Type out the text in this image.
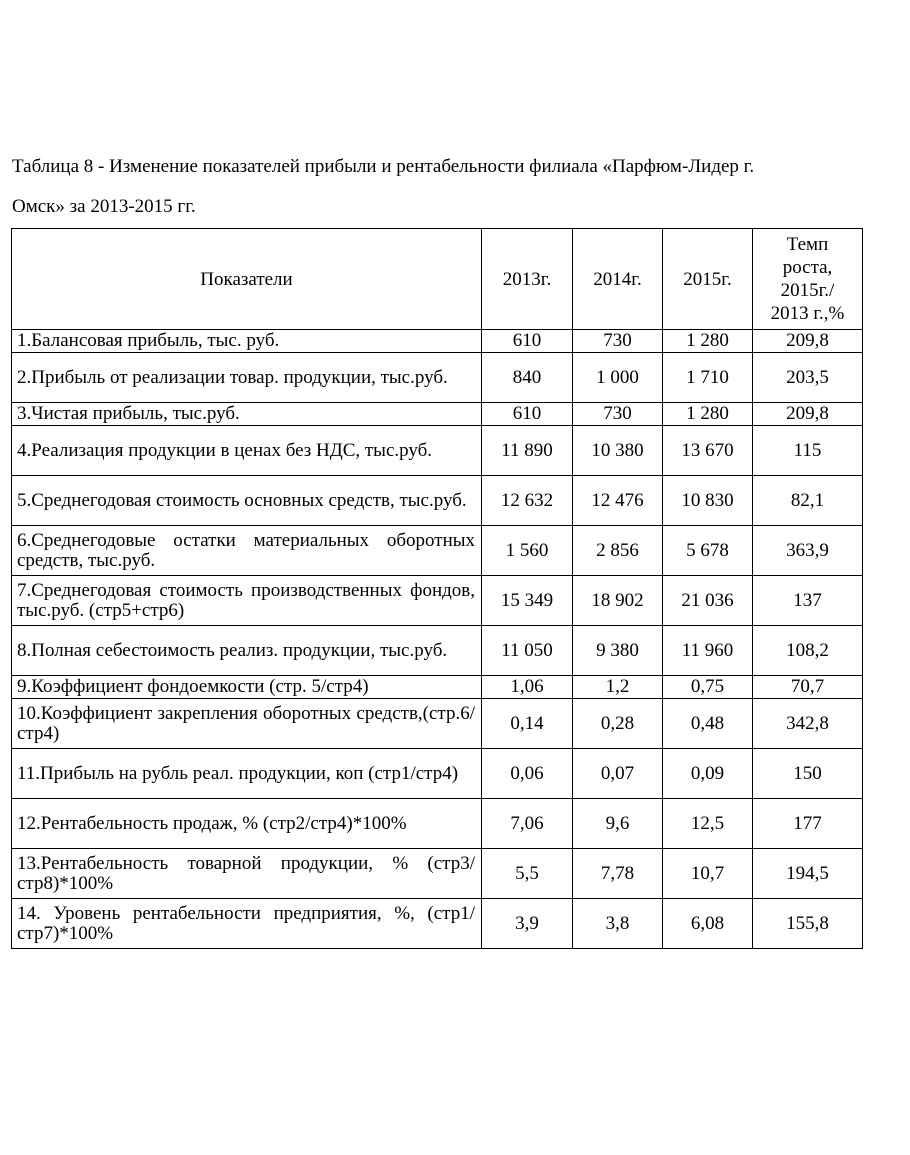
Таблица 8 - Изменение показателей прибыли и рентабельности филиала «Парфюм-Лидер г.
Омск» за 2013-2015 гг.
Показатели	2013г.	2014г.	2015г.	Темп
роста,
2015г./
2013 г.,%

1.Балансовая прибыль, тыс. руб.	610	730	1 280	209,8
2.Прибыль от реализации товар. продукции, тыс.руб.	840	1 000	1 710	203,5
3.Чистая прибыль, тыс.руб.	610	730	1 280	209,8
4.Реализация продукции в ценах без НДС, тыс.руб.	11 890	10 380	13 670	115
5.Среднегодовая стоимость основных средств, тыс.руб.	12 632	12 476	10 830	82,1
6.Среднегодовые остатки материальных оборотных средств, тыс.руб.	1 560	2 856	5 678	363,9
7.Среднегодовая стоимость производственных фондов, тыс.руб. (стр5+стр6)	15 349	18 902	21 036	137
8.Полная себестоимость реализ. продукции, тыс.руб.	11 050	9 380	11 960	108,2
9.Коэффициент фондоемкости (стр. 5/стр4)	1,06	1,2	0,75	70,7
10.Коэффициент закрепления оборотных средств,(стр.6/стр4)	0,14	0,28	0,48	342,8
11.Прибыль на рубль реал. продукции, коп (стр1/стр4)	0,06	0,07	0,09	150
12.Рентабельность продаж, % (стр2/стр4)*100%	7,06	9,6	12,5	177
13.Рентабельность товарной продукции, % (стр3/стр8)*100%	5,5	7,78	10,7	194,5
14. Уровень рентабельности предприятия, %, (стр1/стр7)*100%	3,9	3,8	6,08	155,8
